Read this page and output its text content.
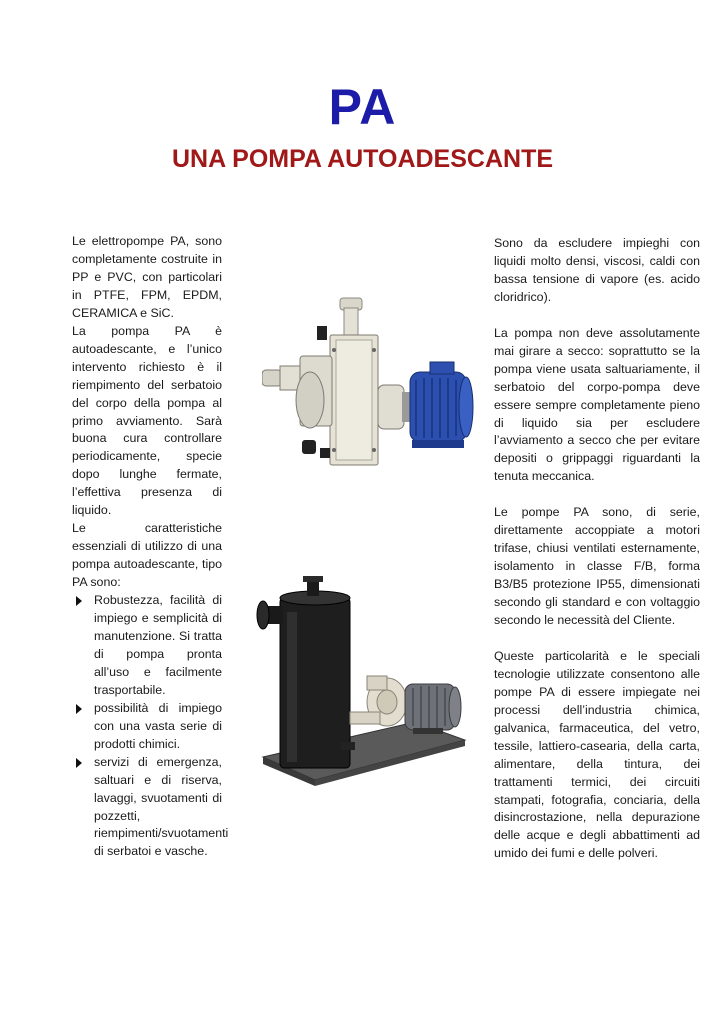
PA
UNA POMPA AUTOADESCANTE

Le elettropompe PA, sono completamente costruite in PP e PVC, con particolari in PTFE, FPM, EPDM, CERAMICA e SiC.

La pompa PA è autoadescante, e l’unico intervento richiesto è il riempimento del serbatoio del corpo della pompa al primo avviamento. Sarà buona cura controllare periodicamente, specie dopo lunghe fermate, l’effettiva presenza di liquido.

Le caratteristiche essenziali di utilizzo di una pompa autoadescante, tipo PA sono:

Robustezza, facilità di impiego e semplicità di manutenzione. Si tratta di pompa pronta all’uso e facilmente trasportabile.
possibilità di impiego con una vasta serie di prodotti chimici.
servizi di emergenza, saltuari e di riserva, lavaggi, svuotamenti di pozzetti, riempimenti/svuotamenti di serbatoi e vasche.

Sono da escludere impieghi con liquidi molto densi, viscosi, caldi con bassa tensione di vapore (es. acido cloridrico).

La pompa non deve assolutamente mai girare a secco: soprattutto se la pompa viene usata saltuariamente, il serbatoio del corpo-pompa deve essere sempre completamente pieno di liquido sia per escludere l’avviamento a secco che per evitare depositi o grippaggi riguardanti la tenuta meccanica.

Le pompe PA sono, di serie, direttamente accoppiate a motori trifase, chiusi ventilati esternamente, isolamento in classe F/B, forma B3/B5 protezione IP55, dimensionati secondo gli standard e con voltaggio secondo le necessità del Cliente.

Queste particolarità e le speciali tecnologie utilizzate consentono alle pompe PA di essere impiegate nei processi dell’industria chimica, galvanica, farmaceutica, del vetro, tessile, lattiero-casearia, della carta, alimentare, della tintura, dei trattamenti termici, dei circuiti stampati, fotografia, conciaria, della disincrostazione, nella depurazione delle acque e degli abbattimenti ad umido dei fumi e delle polveri.
